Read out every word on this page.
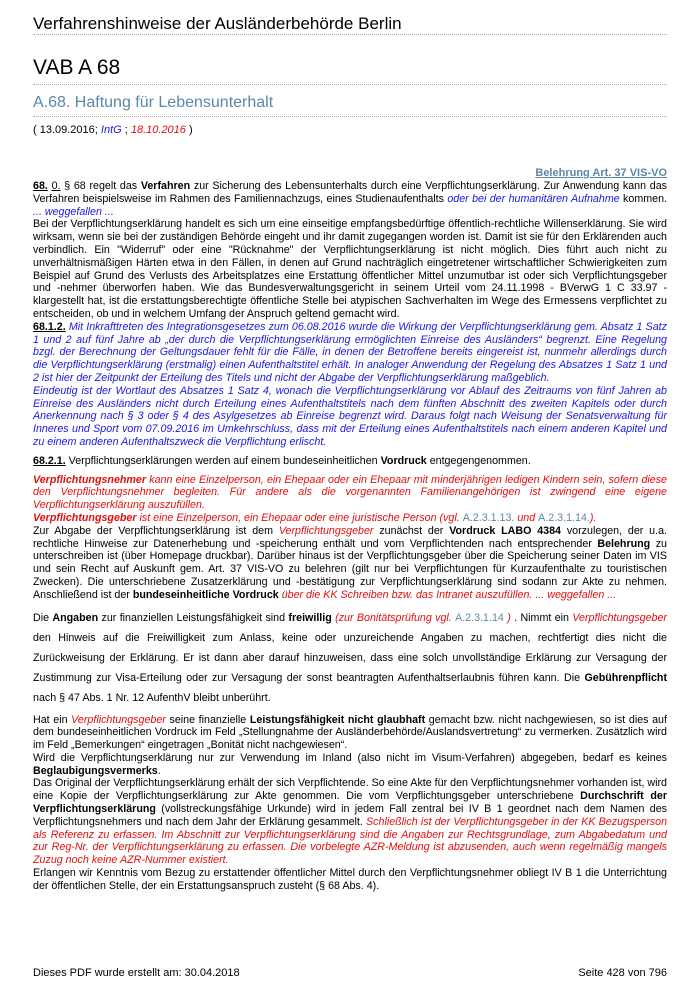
Verfahrenshinweise der Ausländerbehörde Berlin
VAB A 68
A.68. Haftung für Lebensunterhalt
( 13.09.2016; IntG ; 18.10.2016 )
Belehrung Art. 37 VIS-VO

68. 0. § 68 regelt das Verfahren zur Sicherung des Lebensunterhalts durch eine Verpflichtungserklärung. Zur Anwendung kann das Verfahren beispielsweise im Rahmen des Familiennachzugs, eines Studienaufenthalts oder bei der humanitären Aufnahme kommen. ... weggefallen ...

Bei der Verpflichtungserklärung handelt es sich um eine einseitige empfangsbedürftige öffentlich-rechtliche Willenserklärung. Sie wird wirksam, wenn sie bei der zuständigen Behörde eingeht und ihr damit zugegangen worden ist. Damit ist sie für den Erklärenden auch verbindlich. Ein "Widerruf" oder eine "Rücknahme" der Verpflichtungserklärung ist nicht möglich. Dies führt auch nicht zu unverhältnismäßigen Härten etwa in den Fällen, in denen auf Grund nachträglich eingetretener wirtschaftlicher Schwierigkeiten zum Beispiel auf Grund des Verlusts des Arbeitsplatzes eine Erstattung öffentlicher Mittel unzumutbar ist oder sich Verpflichtungsgeber und -nehmer überworfen haben. Wie das Bundesverwaltungsgericht in seinem Urteil vom 24.11.1998 - BVerwG 1 C 33.97 - klargestellt hat, ist die erstattungsberechtigte öffentliche Stelle bei atypischen Sachverhalten im Wege des Ermessens verpflichtet zu entscheiden, ob und in welchem Umfang der Anspruch geltend gemacht wird.

68.1.2. Mit Inkrafttreten des Integrationsgesetzes zum 06.08.2016 wurde die Wirkung der Verpflichtungserklärung gem. Absatz 1 Satz 1 und 2 auf fünf Jahre ab „der durch die Verpflichtungserklärung ermöglichten Einreise des Ausländers“ begrenzt. Eine Regelung bzgl. der Berechnung der Geltungsdauer fehlt für die Fälle, in denen der Betroffene bereits eingereist ist, nunmehr allerdings durch die Verpflichtungserklärung (erstmalig) einen Aufenthaltstitel erhält. In analoger Anwendung der Regelung des Absatzes 1 Satz 1 und 2 ist hier der Zeitpunkt der Erteilung des Titels und nicht der Abgabe der Verpflichtungserklärung maßgeblich.

Eindeutig ist der Wortlaut des Absatzes 1 Satz 4, wonach die Verpflichtungserklärung vor Ablauf des Zeitraums von fünf Jahren ab Einreise des Ausländers nicht durch Erteilung eines Aufenthaltstitels nach dem fünften Abschnitt des zweiten Kapitels oder durch Anerkennung nach § 3 oder § 4 des Asylgesetzes ab Einreise begrenzt wird. Daraus folgt nach Weisung der Senatsverwaltung für Inneres und Sport vom 07.09.2016 im Umkehrschluss, dass mit der Erteilung eines Aufenthaltstitels nach einem anderen Kapitel und zu einem anderen Aufenthaltszweck die Verpflichtung erlischt.

68.2.1. Verpflichtungserklärungen werden auf einem bundeseinheitlichen Vordruck entgegengenommen.

Verpflichtungsnehmer kann eine Einzelperson, ein Ehepaar oder ein Ehepaar mit minderjährigen ledigen Kindern sein, sofern diese den Verpflichtungsnehmer begleiten. Für andere als die vorgenannten Familienangehörigen ist zwingend eine eigene Verpflichtungserklärung auszufüllen.

Verpflichtungsgeber ist eine Einzelperson, ein Ehepaar oder eine juristische Person (vgl. A.2.3.1.13. und A.2.3.1.14.).

Zur Abgabe der Verpflichtungserklärung ist dem Verpflichtungsgeber zunächst der Vordruck LABO 4384 vorzulegen, der u.a. rechtliche Hinweise zur Datenerhebung und -speicherung enthält und vom Verpflichtenden nach entsprechender Belehrung zu unterschreiben ist (über Homepage druckbar). Darüber hinaus ist der Verpflichtungsgeber über die Speicherung seiner Daten im VIS und sein Recht auf Auskunft gem. Art. 37 VIS-VO zu belehren (gilt nur bei Verpflichtungen für Kurzaufenthalte zu touristischen Zwecken). Die unterschriebene Zusatzerklärung und -bestätigung zur Verpflichtungserklärung sind sodann zur Akte zu nehmen. Anschließend ist der bundeseinheitliche Vordruck über die KK Schreiben bzw. das Intranet auszufüllen. ... weggefallen ...

Die Angaben zur finanziellen Leistungsfähigkeit sind freiwillig (zur Bonitätsprüfung vgl. A.2.3.1.14 ) . Nimmt ein Verpflichtungsgeber den Hinweis auf die Freiwilligkeit zum Anlass, keine oder unzureichende Angaben zu machen, rechtfertigt dies nicht die Zurückweisung der Erklärung. Er ist dann aber darauf hinzuweisen, dass eine solch unvollständige Erklärung zur Versagung der Zustimmung zur Visa-Erteilung oder zur Versagung der sonst beantragten Aufenthaltserlaubnis führen kann. Die Gebührenpflicht nach § 47 Abs. 1 Nr. 12 AufenthV bleibt unberührt.

Hat ein Verpflichtungsgeber seine finanzielle Leistungsfähigkeit nicht glaubhaft gemacht bzw. nicht nachgewiesen, so ist dies auf dem bundeseinheitlichen Vordruck im Feld „Stellungnahme der Ausländerbehörde/Auslandsvertretung“ zu vermerken. Zusätzlich wird im Feld „Bemerkungen“ eingetragen „Bonität nicht nachgewiesen“.

Wird die Verpflichtungserklärung nur zur Verwendung im Inland (also nicht im Visum-Verfahren) abgegeben, bedarf es keines Beglaubigungsvermerks.

Das Original der Verpflichtungserklärung erhält der sich Verpflichtende. So eine Akte für den Verpflichtungsnehmer vorhanden ist, wird eine Kopie der Verpflichtungserklärung zur Akte genommen. Die vom Verpflichtungsgeber unterschriebene Durchschrift der Verpflichtungserklärung (vollstreckungsfähige Urkunde) wird in jedem Fall zentral bei IV B 1 geordnet nach dem Namen des Verpflichtungsnehmers und nach dem Jahr der Erklärung gesammelt. Schließlich ist der Verpflichtungsgeber in der KK Bezugsperson als Referenz zu erfassen. Im Abschnitt zur Verpflichtungserklärung sind die Angaben zur Rechtsgrundlage, zum Abgabedatum und zur Reg-Nr. der Verpflichtungserklärung zu erfassen. Die vorbelegte AZR-Meldung ist abzusenden, auch wenn regelmäßig mangels Zuzug noch keine AZR-Nummer existiert.

Erlangen wir Kenntnis vom Bezug zu erstattender öffentlicher Mittel durch den Verpflichtungsnehmer obliegt IV B 1 die Unterrichtung der öffentlichen Stelle, der ein Erstattungsanspruch zusteht (§ 68 Abs. 4).

Dieses PDF wurde erstellt am: 30.04.2018	Seite 428 von 796
